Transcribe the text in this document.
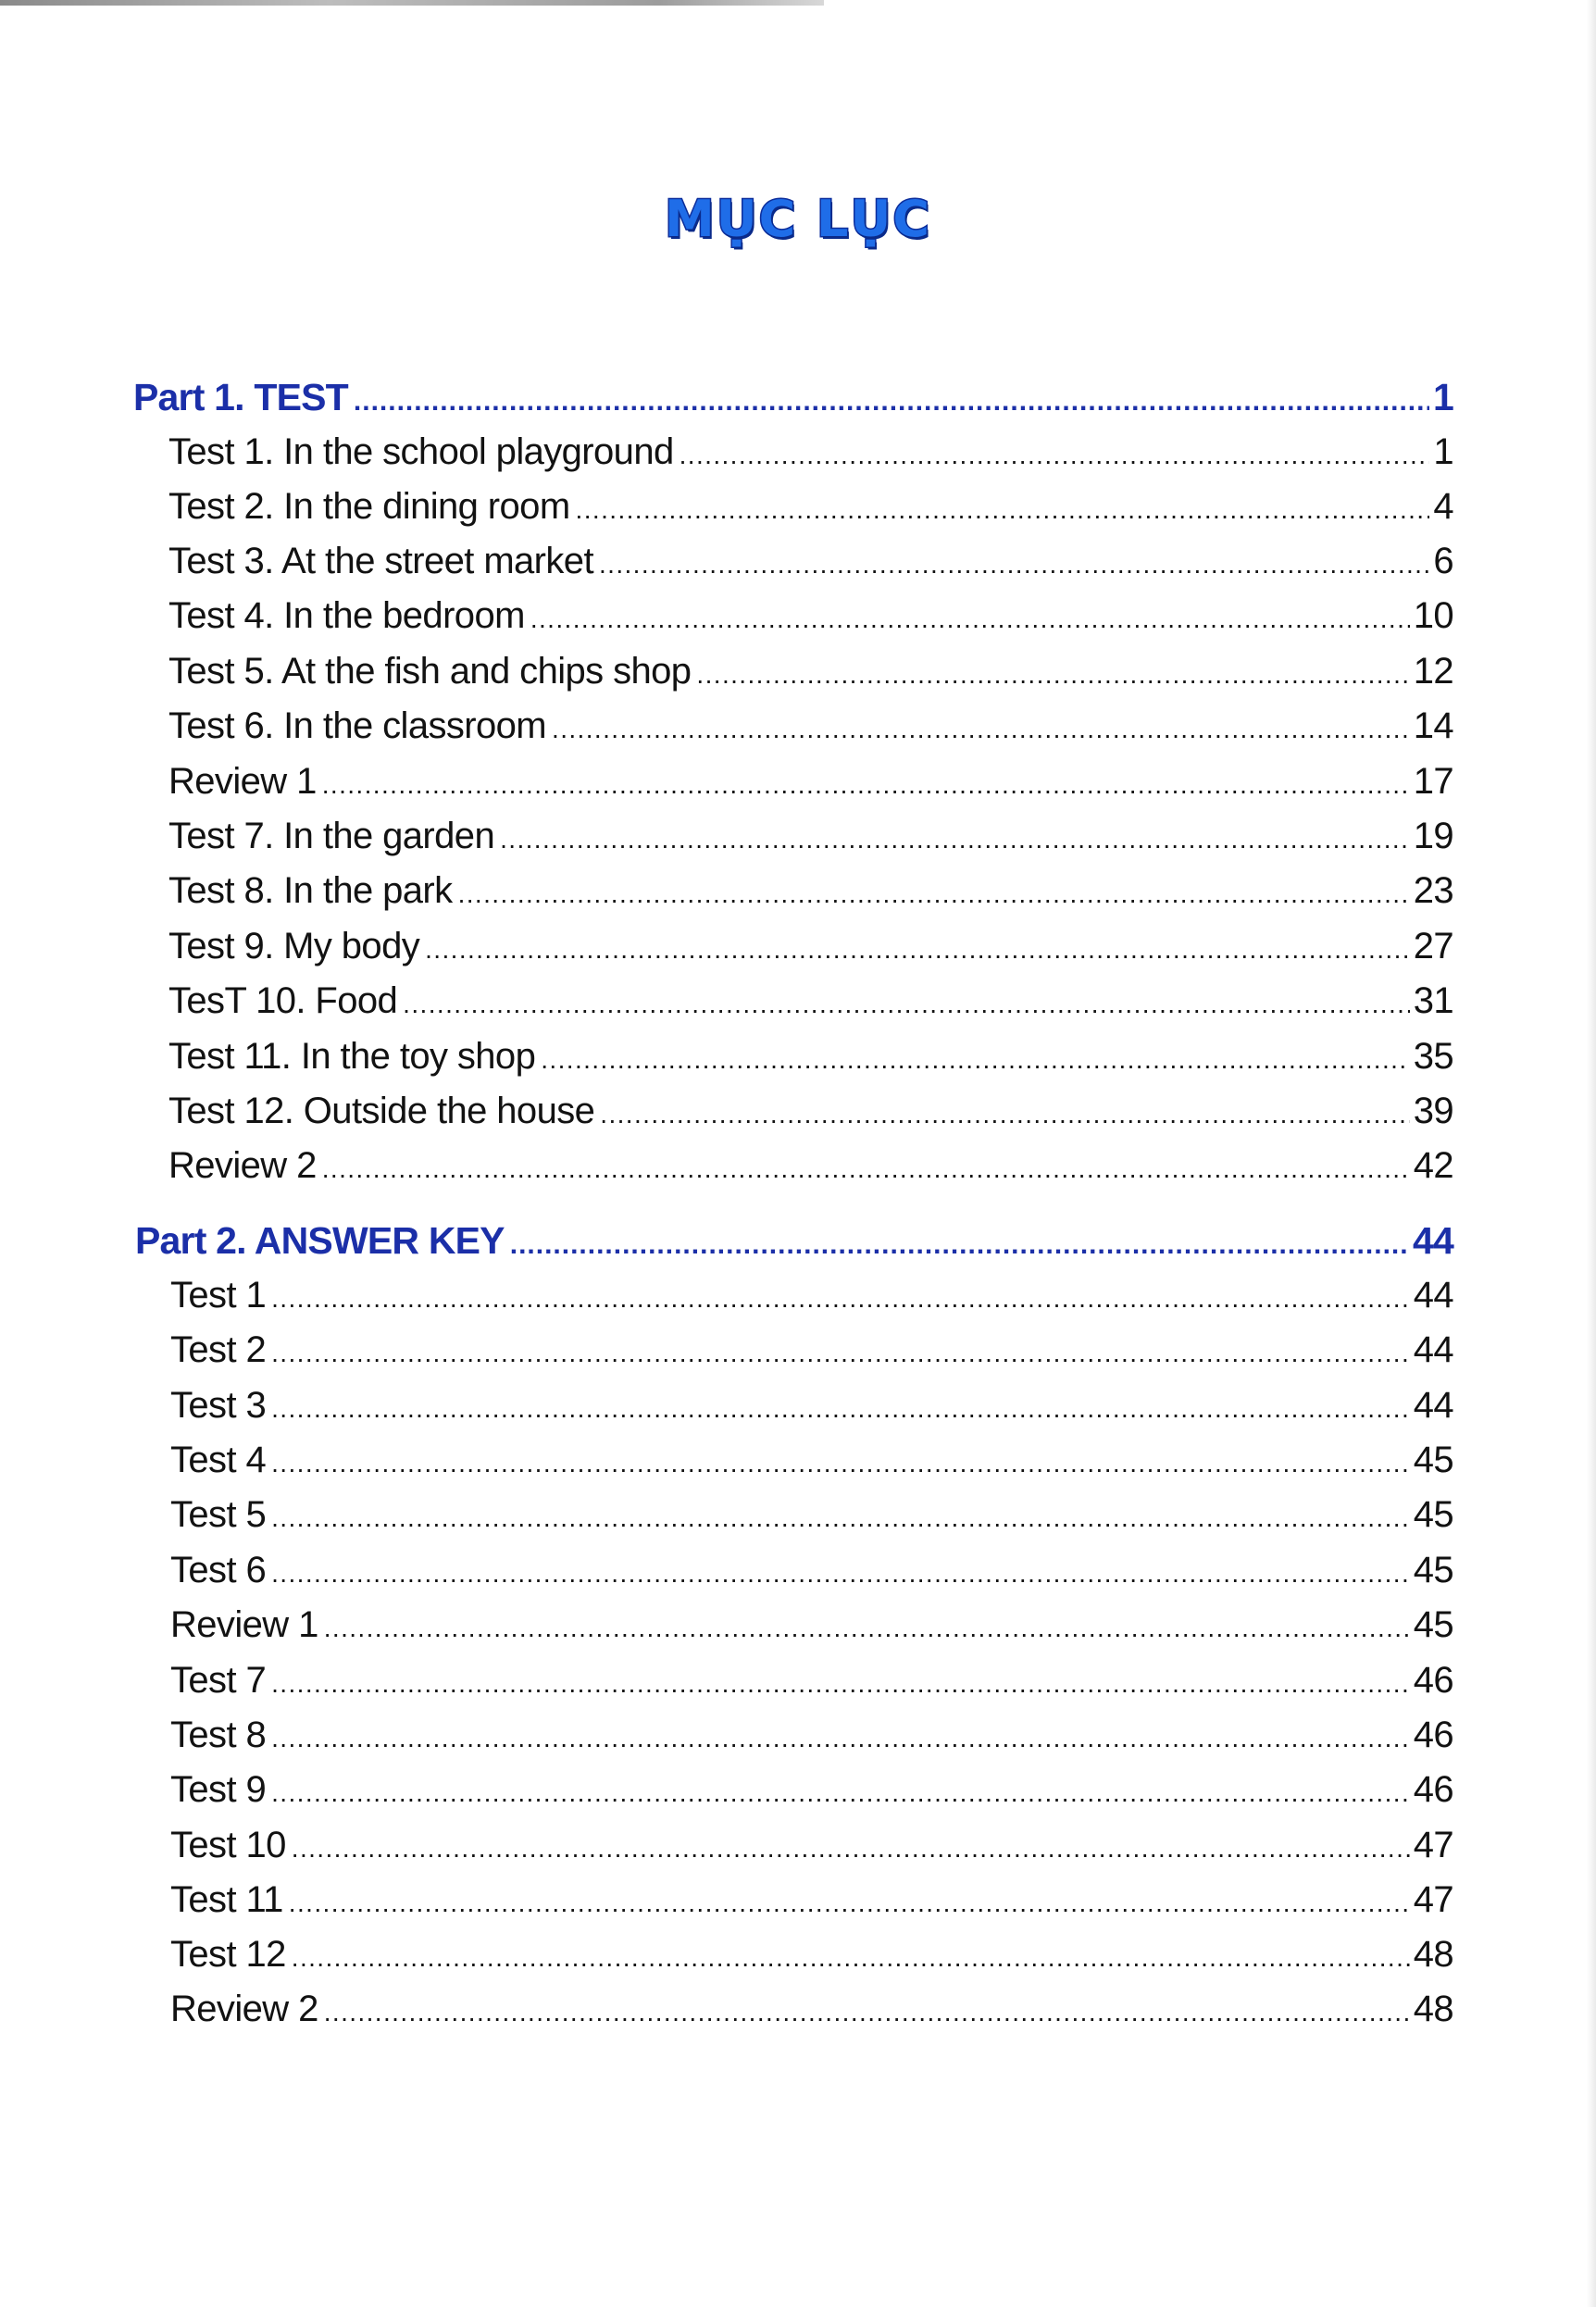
MỤC LỤC
Part 1. TEST .....	1
Test 1. In the school playground .....	1
Test 2. In the dining room .....	4
Test 3. At the street market .....	6
Test 4. In the bedroom .....	10
Test 5. At the fish and chips shop .....	12
Test 6. In the classroom .....	14
Review 1 .....	17
Test 7. In the garden .....	19
Test 8. In the park .....	23
Test 9. My body .....	27
TesT 10. Food .....	31
Test 11. In the toy shop .....	35
Test 12. Outside the house .....	39
Review 2 .....	42
Part 2. ANSWER KEY .....	44
Test 1 .....	44
Test 2 .....	44
Test 3 .....	44
Test 4 .....	45
Test 5 .....	45
Test 6 .....	45
Review 1 .....	45
Test 7 .....	46
Test 8 .....	46
Test 9 .....	46
Test 10 .....	47
Test 11 .....	47
Test 12 .....	48
Review 2 .....	48
